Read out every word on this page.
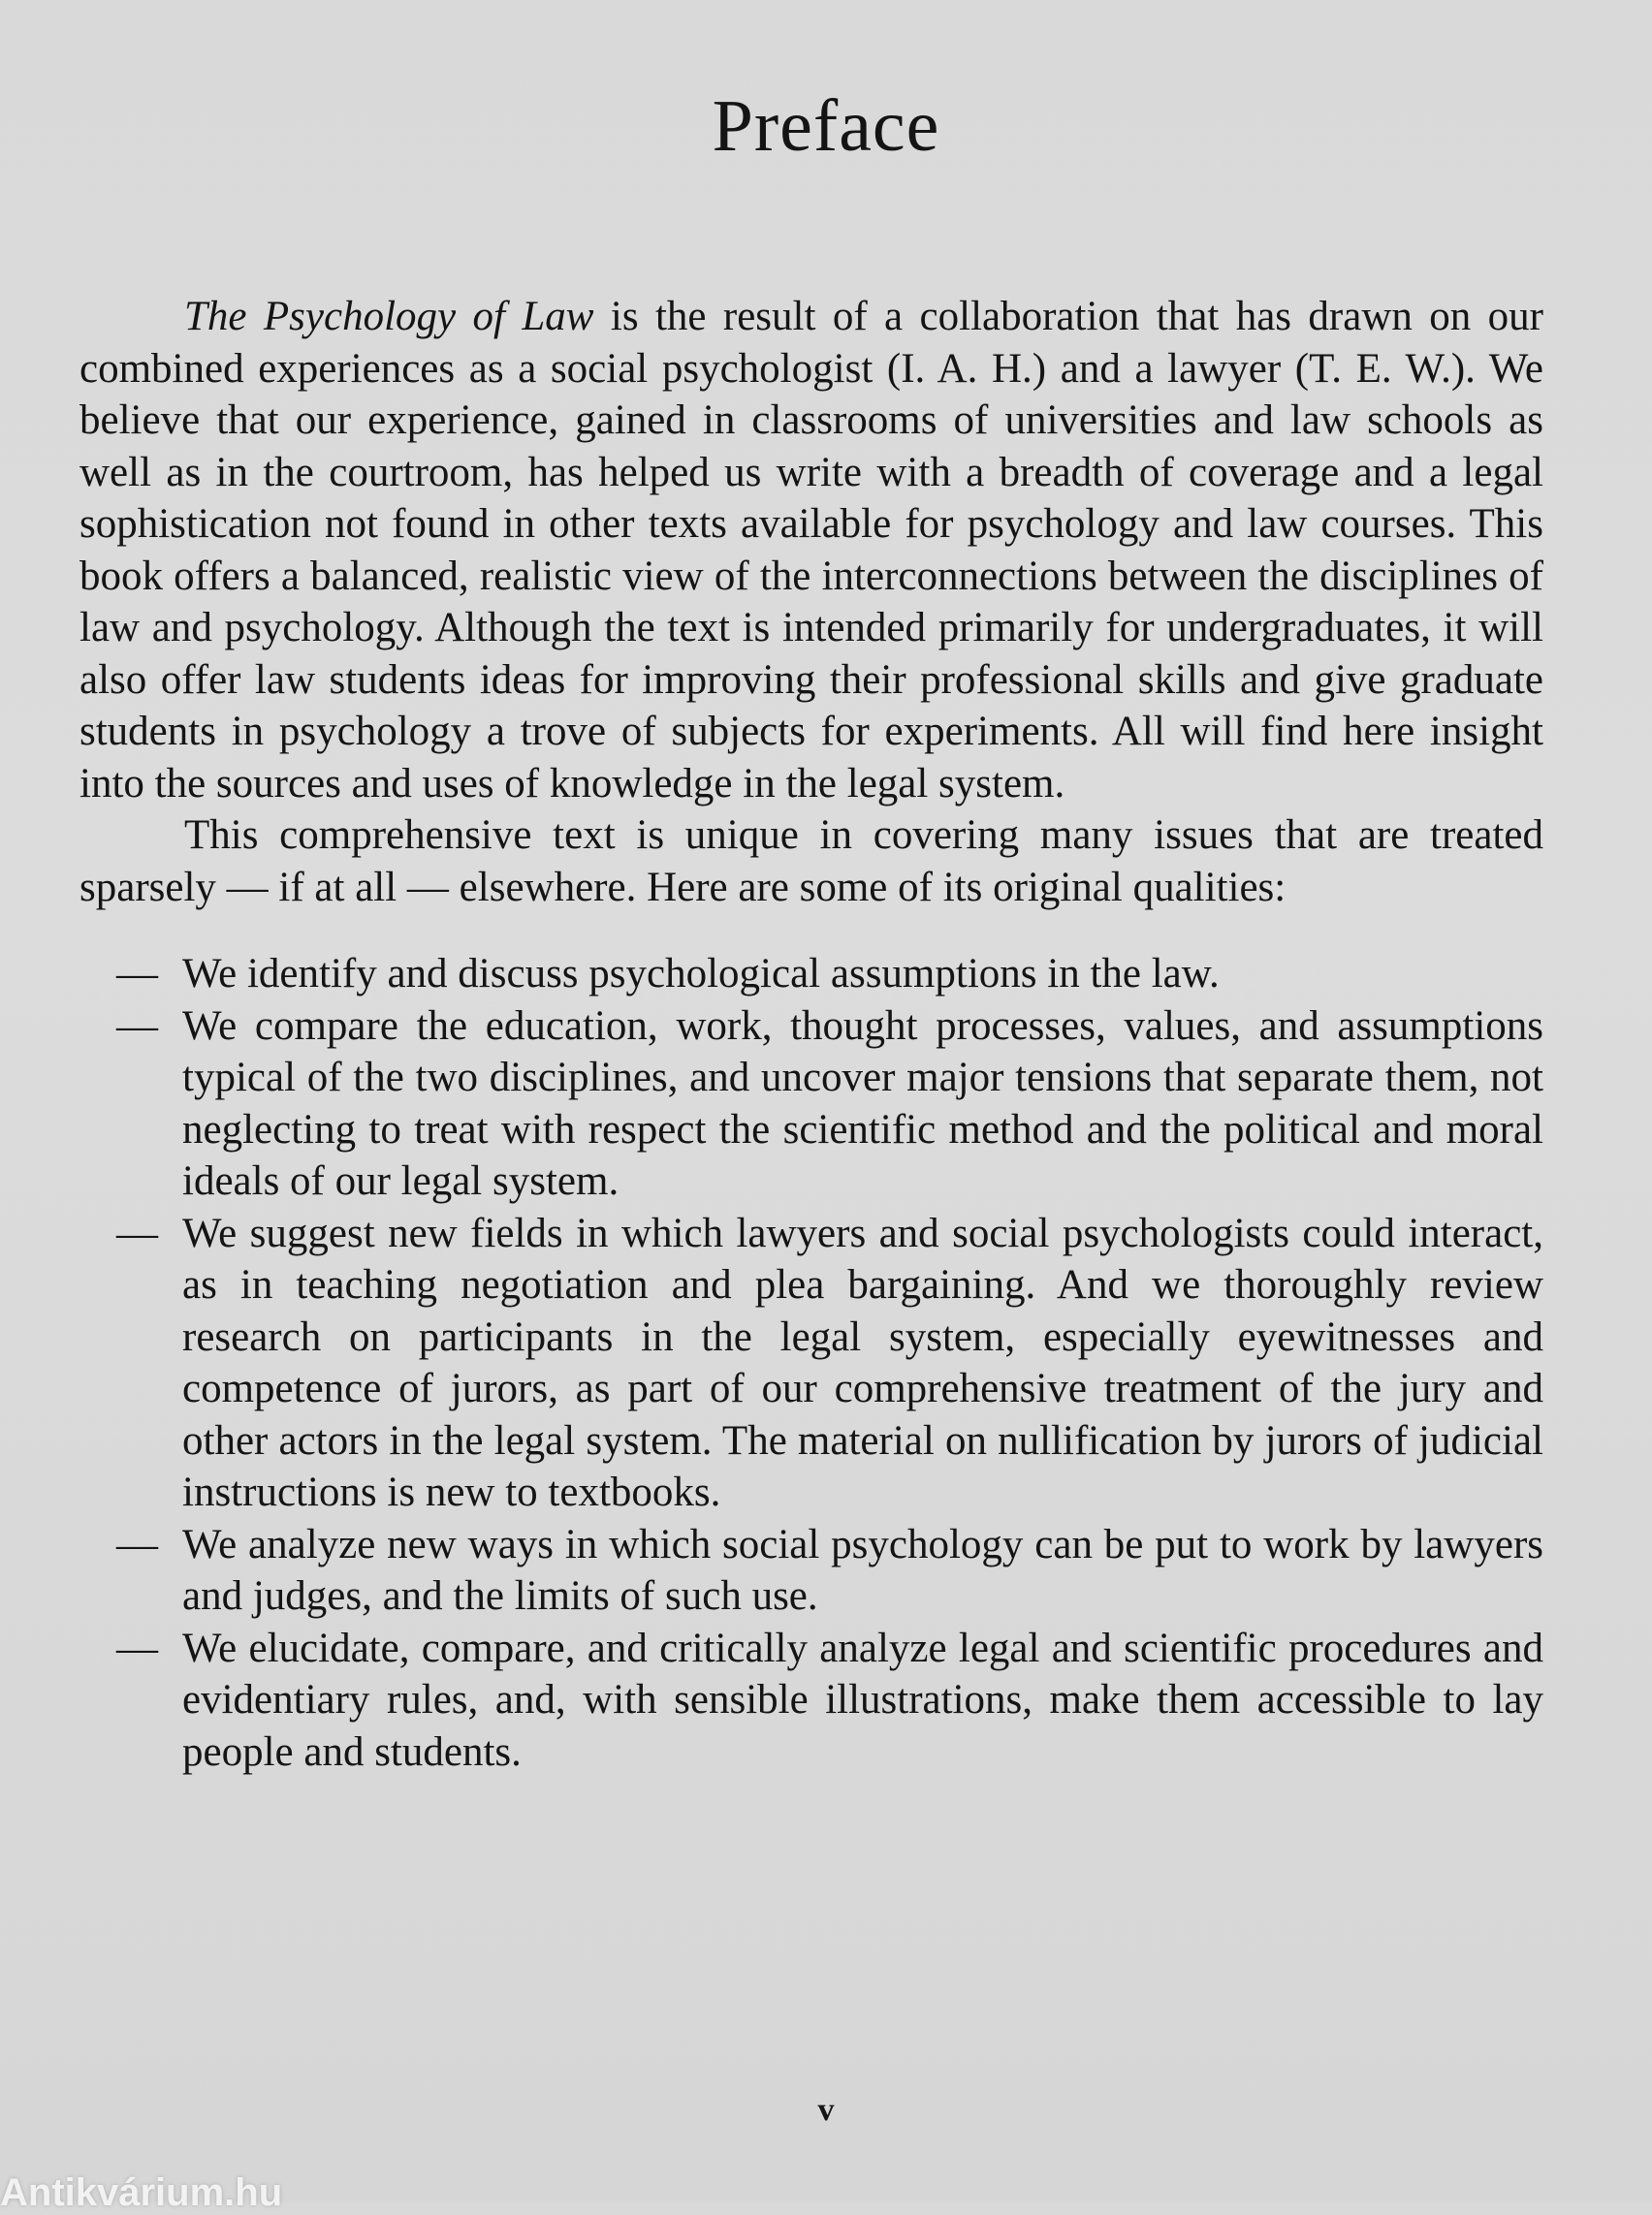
Preface

The Psychology of Law is the result of a collaboration that has drawn on our combined experiences as a social psychologist (I. A. H.) and a lawyer (T. E. W.). We believe that our experience, gained in classrooms of universities and law schools as well as in the courtroom, has helped us write with a breadth of coverage and a legal sophistication not found in other texts available for psychology and law courses. This book offers a balanced, realistic view of the interconnections between the disciplines of law and psychology. Although the text is intended primarily for undergraduates, it will also offer law students ideas for improving their professional skills and give graduate students in psychology a trove of subjects for experiments. All will find here insight into the sources and uses of knowledge in the legal system.

This comprehensive text is unique in covering many issues that are treated sparsely — if at all — elsewhere. Here are some of its original qualities:

— We identify and discuss psychological assumptions in the law.
— We compare the education, work, thought processes, values, and assumptions typical of the two disciplines, and uncover major tensions that separate them, not neglecting to treat with respect the scientific method and the political and moral ideals of our legal system.
— We suggest new fields in which lawyers and social psychologists could interact, as in teaching negotiation and plea bargaining. And we thoroughly review research on participants in the legal system, especially eyewitnesses and competence of jurors, as part of our comprehensive treatment of the jury and other actors in the legal system. The material on nullification by jurors of judicial instructions is new to textbooks.
— We analyze new ways in which social psychology can be put to work by lawyers and judges, and the limits of such use.
— We elucidate, compare, and critically analyze legal and scientific procedures and evidentiary rules, and, with sensible illustrations, make them accessible to lay people and students.
v
Antikvárium.hu
